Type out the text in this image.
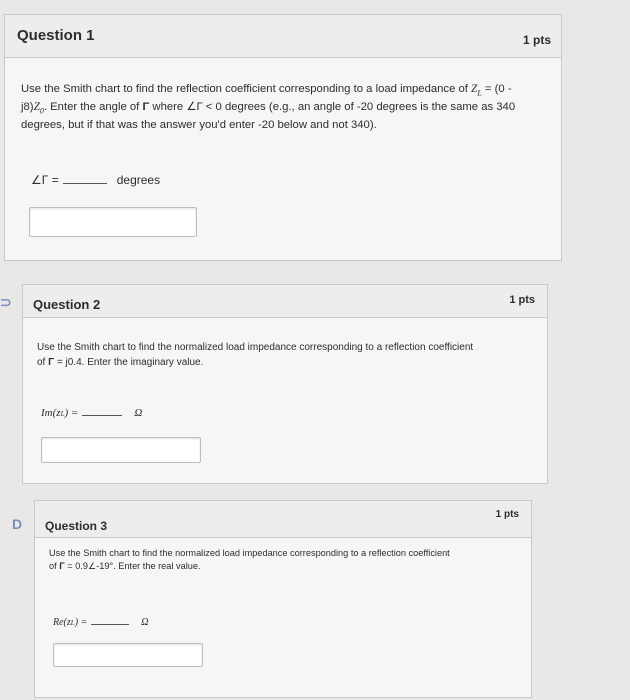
Question 1	1 pts
Use the Smith chart to find the reflection coefficient corresponding to a load impedance of $Z_L = (0$ -
$j8)Z_0$. Enter the angle of Γ where ∠Γ < 0 degrees (e.g., an angle of -20 degrees is the same as 340
degrees, but if that was the answer you'd enter -20 below and not 340).
∠Γ =	degrees
⊃ Question 2	1 pts
Use the Smith chart to find the normalized load impedance corresponding to a reflection coefficient
of Γ = j0.4. Enter the imaginary value.
Im(z L ) =	Ω
D Question 3
1 pts
Use the Smith chart to find the normalized load impedance corresponding to a reflection coefficient
of Γ = 0.9∠-19°. Enter the real value.
Re(z L ) =	Ω
